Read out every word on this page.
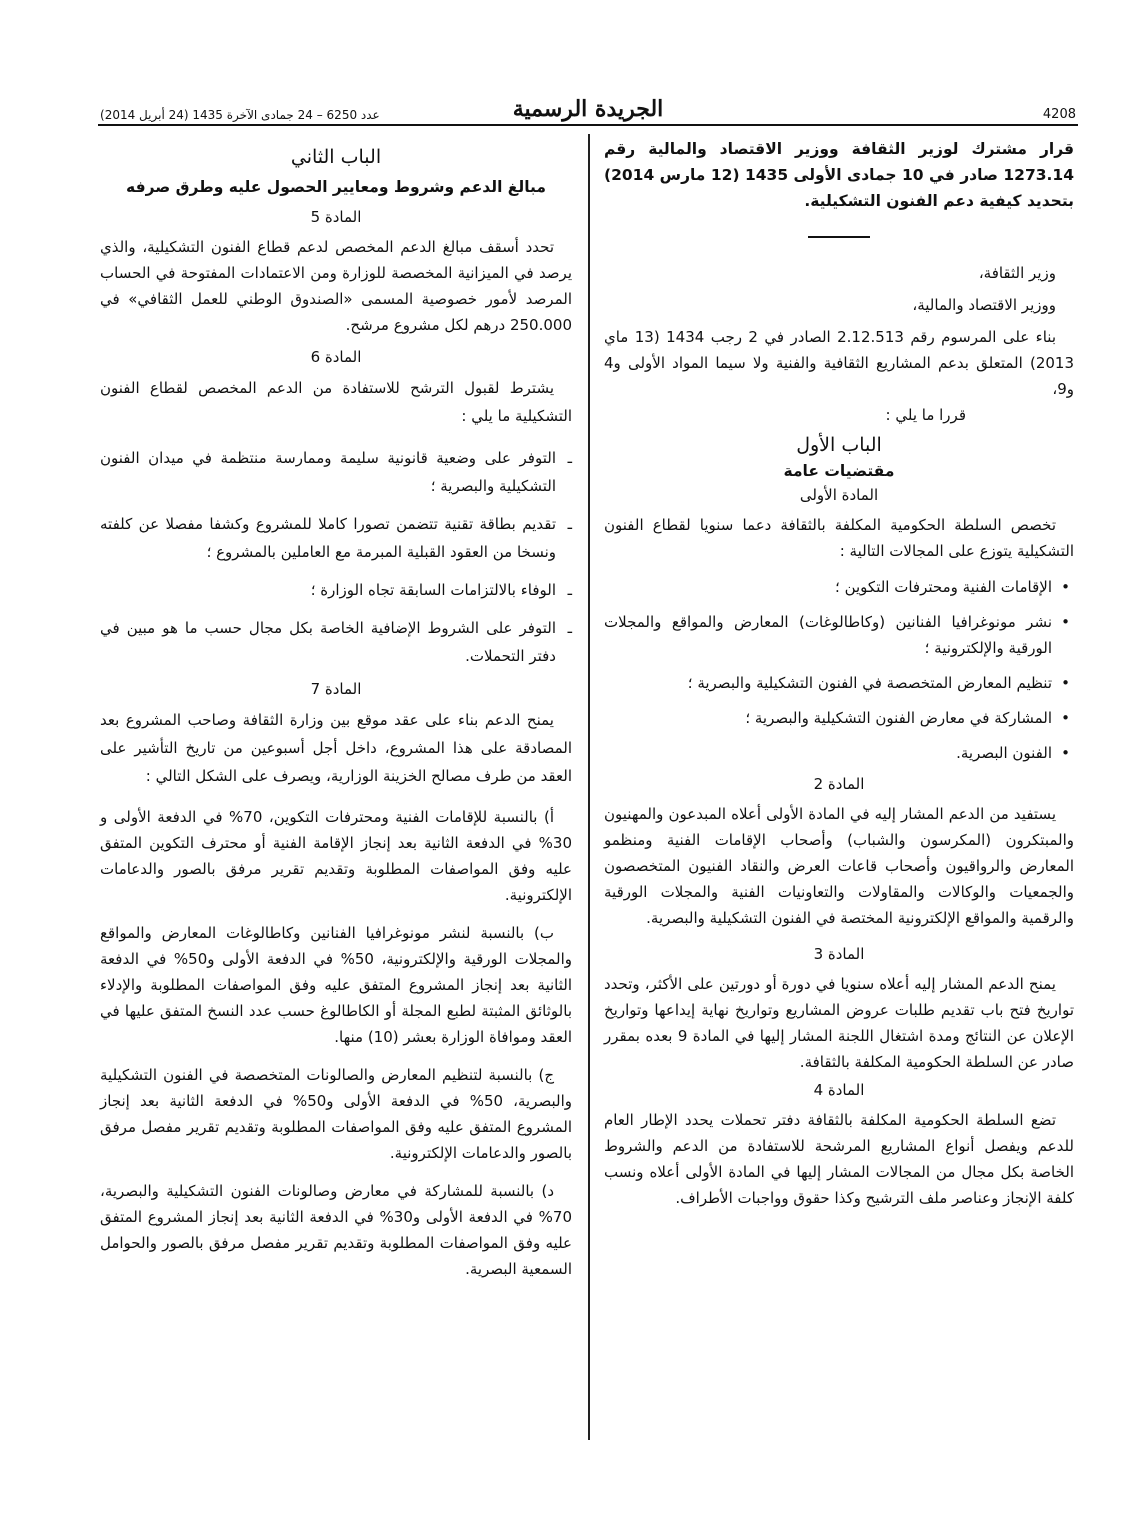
عدد 6250 – 24 جمادى الآخرة 1435 (24 أبريل 2014)	الجريدة الرسمية	4208

قرار مشترك لوزير الثقافة ووزير الاقتصاد والمالية رقم 1273.14 صادر في 10 جمادى الأولى 1435 (12 مارس 2014) بتحديد كيفية دعم الفنون التشكيلية.

وزير الثقافة،

ووزير الاقتصاد والمالية،

بناء على المرسوم رقم 2.12.513 الصادر في 2 رجب 1434 (13 ماي 2013) المتعلق بدعم المشاريع الثقافية والفنية ولا سيما المواد الأولى و4 و9،

قررا ما يلي :

الباب الأول
مقتضيات عامة
المادة الأولى

تخصص السلطة الحكومية المكلفة بالثقافة دعما سنويا لقطاع الفنون التشكيلية يتوزع على المجالات التالية :

•
الإقامات الفنية ومحترفات التكوين ؛
•
نشر مونوغرافيا الفنانين (وكاطالوغات) المعارض والمواقع والمجلات الورقية والإلكترونية ؛
•
تنظيم المعارض المتخصصة في الفنون التشكيلية والبصرية ؛
•
المشاركة في معارض الفنون التشكيلية والبصرية ؛
•
الفنون البصرية.
المادة 2

يستفيد من الدعم المشار إليه في المادة الأولى أعلاه المبدعون والمهنيون والمبتكرون (المكرسون والشباب) وأصحاب الإقامات الفنية ومنظمو المعارض والرواقيون وأصحاب قاعات العرض والنقاد الفنيون المتخصصون والجمعيات والوكالات والمقاولات والتعاونيات الفنية والمجلات الورقية والرقمية والمواقع الإلكترونية المختصة في الفنون التشكيلية والبصرية.

المادة 3

يمنح الدعم المشار إليه أعلاه سنويا في دورة أو دورتين على الأكثر، وتحدد تواريخ فتح باب تقديم طلبات عروض المشاريع وتواريخ نهاية إيداعها وتواريخ الإعلان عن النتائج ومدة اشتغال اللجنة المشار إليها في المادة 9 بعده بمقرر صادر عن السلطة الحكومية المكلفة بالثقافة.

المادة 4

تضع السلطة الحكومية المكلفة بالثقافة دفتر تحملات يحدد الإطار العام للدعم ويفصل أنواع المشاريع المرشحة للاستفادة من الدعم والشروط الخاصة بكل مجال من المجالات المشار إليها في المادة الأولى أعلاه ونسب كلفة الإنجاز وعناصر ملف الترشيح وكذا حقوق وواجبات الأطراف.

الباب الثاني
مبالغ الدعم وشروط ومعايير الحصول عليه وطرق صرفه
المادة 5

تحدد أسقف مبالغ الدعم المخصص لدعم قطاع الفنون التشكيلية، والذي يرصد في الميزانية المخصصة للوزارة ومن الاعتمادات المفتوحة في الحساب المرصد لأمور خصوصية المسمى «الصندوق الوطني للعمل الثقافي» في 250.000 درهم لكل مشروع مرشح.

المادة 6

يشترط لقبول الترشح للاستفادة من الدعم المخصص لقطاع الفنون التشكيلية ما يلي :

ـ
التوفر على وضعية قانونية سليمة وممارسة منتظمة في ميدان الفنون التشكيلية والبصرية ؛
ـ
تقديم بطاقة تقنية تتضمن تصورا كاملا للمشروع وكشفا مفصلا عن كلفته ونسخا من العقود القبلية المبرمة مع العاملين بالمشروع ؛
ـ
الوفاء بالالتزامات السابقة تجاه الوزارة ؛
ـ
التوفر على الشروط الإضافية الخاصة بكل مجال حسب ما هو مبين في دفتر التحملات.
المادة 7

يمنح الدعم بناء على عقد موقع بين وزارة الثقافة وصاحب المشروع بعد المصادقة على هذا المشروع، داخل أجل أسبوعين من تاريخ التأشير على العقد من طرف مصالح الخزينة الوزارية، ويصرف على الشكل التالي :

أ) بالنسبة للإقامات الفنية ومحترفات التكوين، 70% في الدفعة الأولى و 30% في الدفعة الثانية بعد إنجاز الإقامة الفنية أو محترف التكوين المتفق عليه وفق المواصفات المطلوبة وتقديم تقرير مرفق بالصور والدعامات الإلكترونية.

ب) بالنسبة لنشر مونوغرافيا الفنانين وكاطالوغات المعارض والمواقع والمجلات الورقية والإلكترونية، 50% في الدفعة الأولى و50% في الدفعة الثانية بعد إنجاز المشروع المتفق عليه وفق المواصفات المطلوبة والإدلاء بالوثائق المثبتة لطبع المجلة أو الكاطالوغ حسب عدد النسخ المتفق عليها في العقد وموافاة الوزارة بعشر (10) منها.

ج) بالنسبة لتنظيم المعارض والصالونات المتخصصة في الفنون التشكيلية والبصرية، 50% في الدفعة الأولى و50% في الدفعة الثانية بعد إنجاز المشروع المتفق عليه وفق المواصفات المطلوبة وتقديم تقرير مفصل مرفق بالصور والدعامات الإلكترونية.

د) بالنسبة للمشاركة في معارض وصالونات الفنون التشكيلية والبصرية، 70% في الدفعة الأولى و30% في الدفعة الثانية بعد إنجاز المشروع المتفق عليه وفق المواصفات المطلوبة وتقديم تقرير مفصل مرفق بالصور والحوامل السمعية البصرية.
